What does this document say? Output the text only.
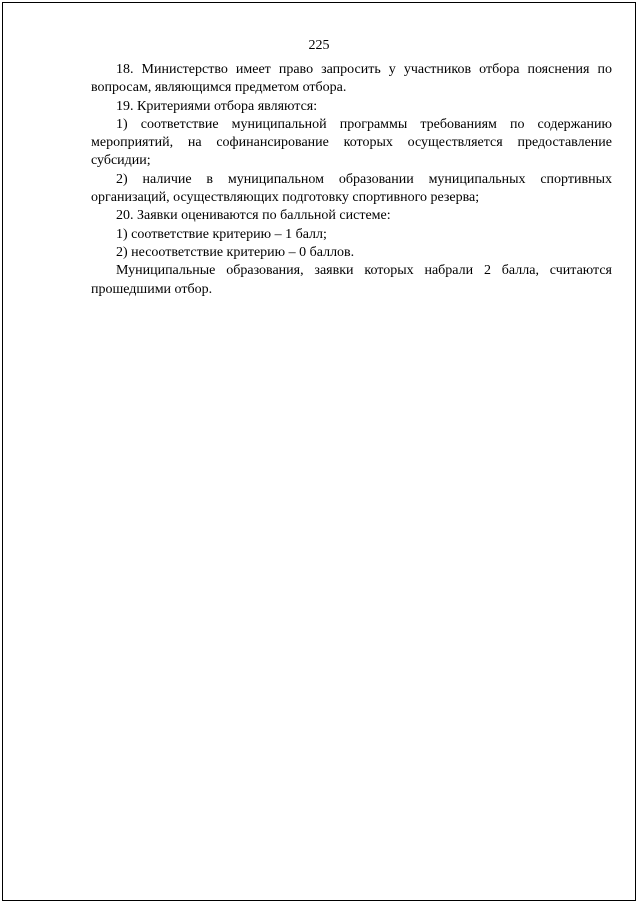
225

18. Министерство имеет право запросить у участников отбора пояснения по вопросам, являющимся предметом отбора.

19. Критериями отбора являются:

1) соответствие муниципальной программы требованиям по содержанию мероприятий, на софинансирование которых осуществляется предоставление субсидии;

2) наличие в муниципальном образовании муниципальных спортивных организаций, осуществляющих подготовку спортивного резерва;

20. Заявки оцениваются по балльной системе:

1) соответствие критерию – 1 балл;

2) несоответствие критерию – 0 баллов.

Муниципальные образования, заявки которых набрали 2 балла, считаются прошедшими отбор.
